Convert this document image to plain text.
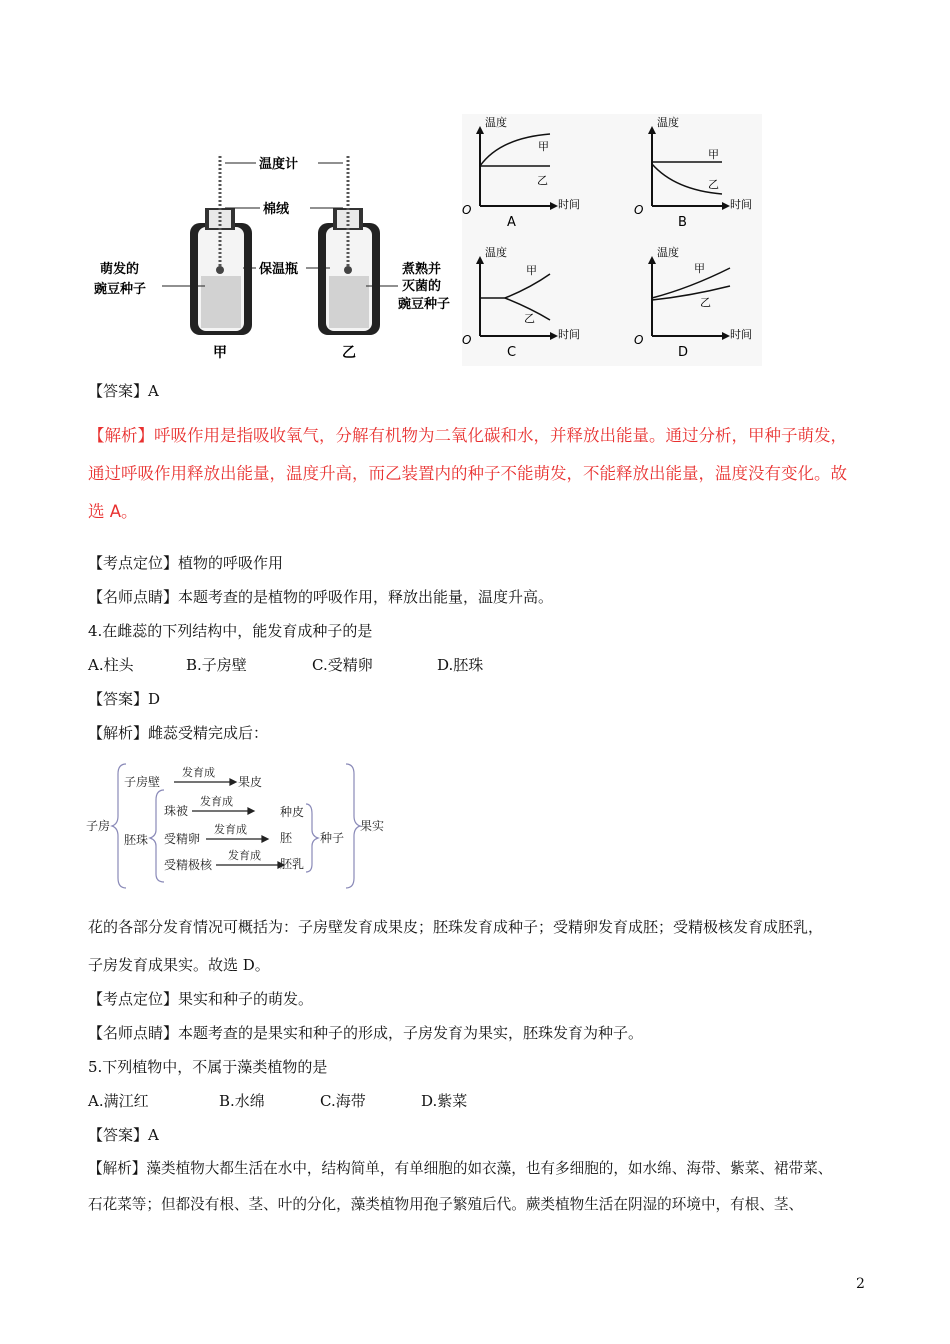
温度计
棉绒
保温瓶
萌发的
豌豆种子
煮熟并
灭菌的
豌豆种子
甲	乙
温度
时间
O
甲
乙
A
温度
时间
O
甲
乙
B
温度
时间
O
甲
乙
C
温度
时间
O
甲
乙
D
【答案】A
【解析】呼吸作用是指吸收氧气，分解有机物为二氧化碳和水，并释放出能量。通过分析，甲种子萌发，
通过呼吸作用释放出能量，温度升高，而乙装置内的种子不能萌发，不能释放出能量，温度没有变化。故
选 A。
【考点定位】植物的呼吸作用
【名师点睛】本题考查的是植物的呼吸作用，释放出能量，温度升高。
4.在雌蕊的下列结构中，能发育成种子的是
A.柱头	B.子房壁	C.受精卵	D.胚珠
【答案】D
【解析】雌蕊受精完成后：
子房
子房壁
发育成
果皮
胚珠
珠被
发育成
受精卵
发育成
受精极核
发育成
种皮
胚
胚乳
种子
果实
花的各部分发育情况可概括为：子房壁发育成果皮；胚珠发育成种子；受精卵发育成胚；受精极核发育成胚乳，
子房发育成果实。故选 D。
【考点定位】果实和种子的萌发。
【名师点睛】本题考查的是果实和种子的形成，子房发育为果实，胚珠发育为种子。
5.下列植物中，不属于藻类植物的是
A.满江红	B.水绵	C.海带	D.紫菜
【答案】A
【解析】藻类植物大都生活在水中，结构简单，有单细胞的如衣藻，也有多细胞的，如水绵、海带、紫菜、裙带菜、
石花菜等；但都没有根、茎、叶的分化，藻类植物用孢子繁殖后代。蕨类植物生活在阴湿的环境中，有根、茎、
2
